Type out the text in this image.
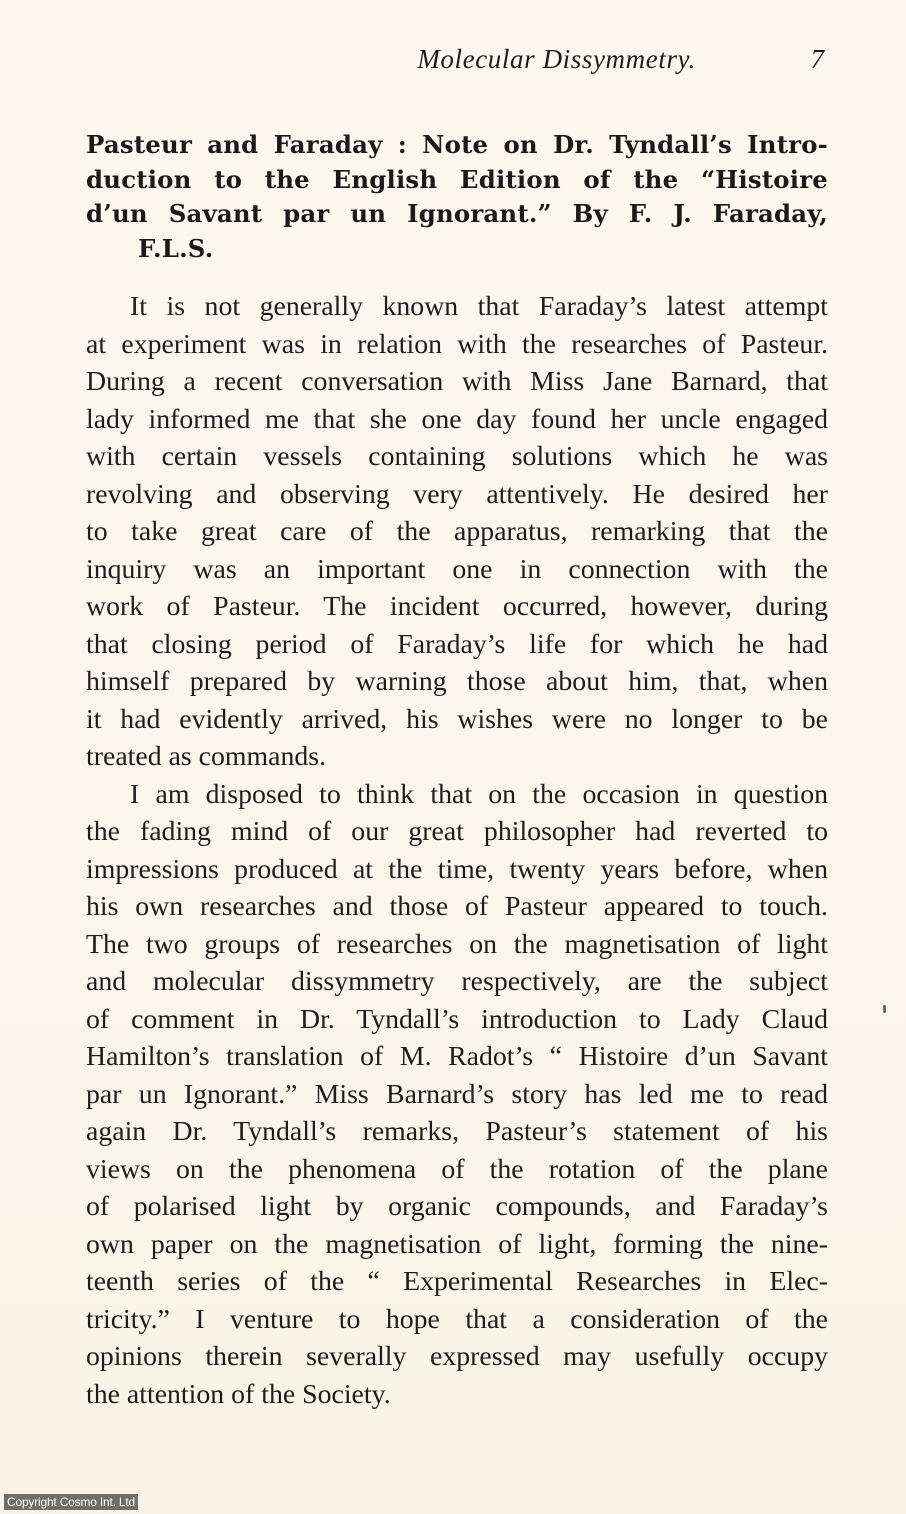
Molecular Dissymmetry.	7
Pasteur and Faraday : Note on Dr. Tyndall’s Intro-
duction to the English Edition of the “Histoire
d’un Savant par un Ignorant.” By F. J. Faraday,
F.L.S.
It is not generally known that Faraday’s latest attempt
at experiment was in relation with the researches of Pasteur.
During a recent conversation with Miss Jane Barnard, that
lady informed me that she one day found her uncle engaged
with certain vessels containing solutions which he was
revolving and observing very attentively. He desired her
to take great care of the apparatus, remarking that the
inquiry was an important one in connection with the
work of Pasteur. The incident occurred, however, during
that closing period of Faraday’s life for which he had
himself prepared by warning those about him, that, when
it had evidently arrived, his wishes were no longer to be
treated as commands.
I am disposed to think that on the occasion in question
the fading mind of our great philosopher had reverted to
impressions produced at the time, twenty years before, when
his own researches and those of Pasteur appeared to touch.
The two groups of researches on the magnetisation of light
and molecular dissymmetry respectively, are the subject
of comment in Dr. Tyndall’s introduction to Lady Claud
Hamilton’s translation of M. Radot’s “ Histoire d’un Savant
par un Ignorant.” Miss Barnard’s story has led me to read
again Dr. Tyndall’s remarks, Pasteur’s statement of his
views on the phenomena of the rotation of the plane
of polarised light by organic compounds, and Faraday’s
own paper on the magnetisation of light, forming the nine-
teenth series of the “ Experimental Researches in Elec-
tricity.” I venture to hope that a consideration of the
opinions therein severally expressed may usefully occupy
the attention of the Society.
Copyright Cosmo Int. Ltd
